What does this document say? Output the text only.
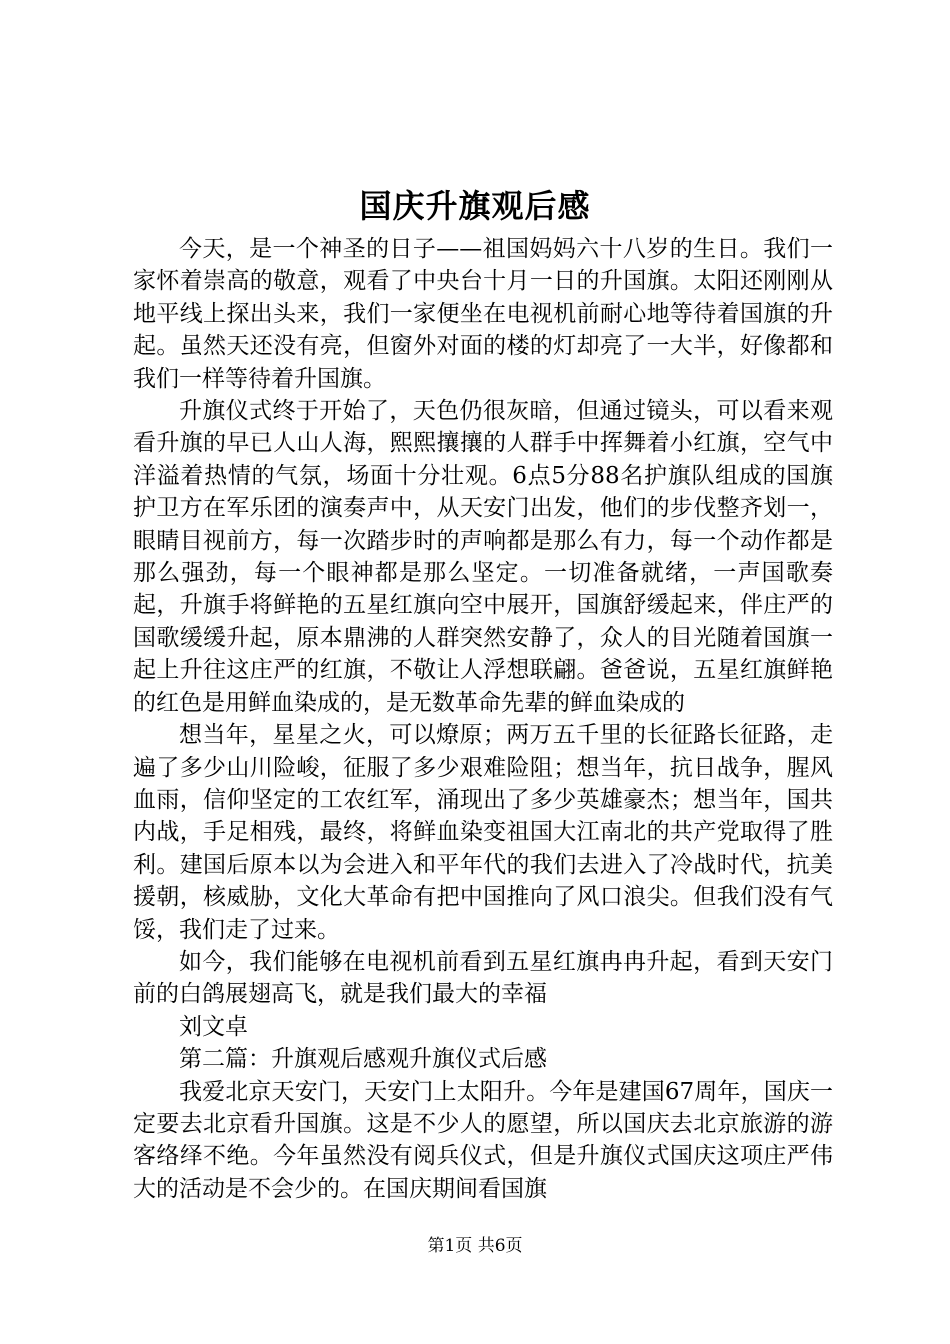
国庆升旗观后感

今天，是一个神圣的日子——祖国妈妈六十八岁的生日。我们一家怀着崇高的敬意，观看了中央台十月一日的升国旗。太阳还刚刚从地平线上探出头来，我们一家便坐在电视机前耐心地等待着国旗的升起。虽然天还没有亮，但窗外对面的楼的灯却亮了一大半，好像都和我们一样等待着升国旗。

升旗仪式终于开始了，天色仍很灰暗，但通过镜头，可以看来观看升旗的早已人山人海，熙熙攘攘的人群手中挥舞着小红旗，空气中洋溢着热情的气氛，场面十分壮观。6点5分88名护旗队组成的国旗护卫方在军乐团的演奏声中，从天安门出发，他们的步伐整齐划一，眼睛目视前方，每一次踏步时的声响都是那么有力，每一个动作都是那么强劲，每一个眼神都是那么坚定。一切准备就绪，一声国歌奏起，升旗手将鲜艳的五星红旗向空中展开，国旗舒缓起来，伴庄严的国歌缓缓升起，原本鼎沸的人群突然安静了，众人的目光随着国旗一起上升往这庄严的红旗，不敬让人浮想联翩。爸爸说，五星红旗鲜艳的红色是用鲜血染成的，是无数革命先辈的鲜血染成的

想当年，星星之火，可以燎原；两万五千里的长征路长征路，走遍了多少山川险峻，征服了多少艰难险阻；想当年，抗日战争，腥风血雨，信仰坚定的工农红军，涌现出了多少英雄豪杰；想当年，国共内战，手足相残，最终，将鲜血染变祖国大江南北的共产党取得了胜利。建国后原本以为会进入和平年代的我们去进入了冷战时代，抗美援朝，核威胁，文化大革命有把中国推向了风口浪尖。但我们没有气馁，我们走了过来。

如今，我们能够在电视机前看到五星红旗冉冉升起，看到天安门前的白鸽展翅高飞，就是我们最大的幸福

刘文卓

第二篇：升旗观后感观升旗仪式后感

我爱北京天安门，天安门上太阳升。今年是建国67周年，国庆一定要去北京看升国旗。这是不少人的愿望，所以国庆去北京旅游的游客络绎不绝。今年虽然没有阅兵仪式，但是升旗仪式国庆这项庄严伟大的活动是不会少的。在国庆期间看国旗

第1页 共6页
